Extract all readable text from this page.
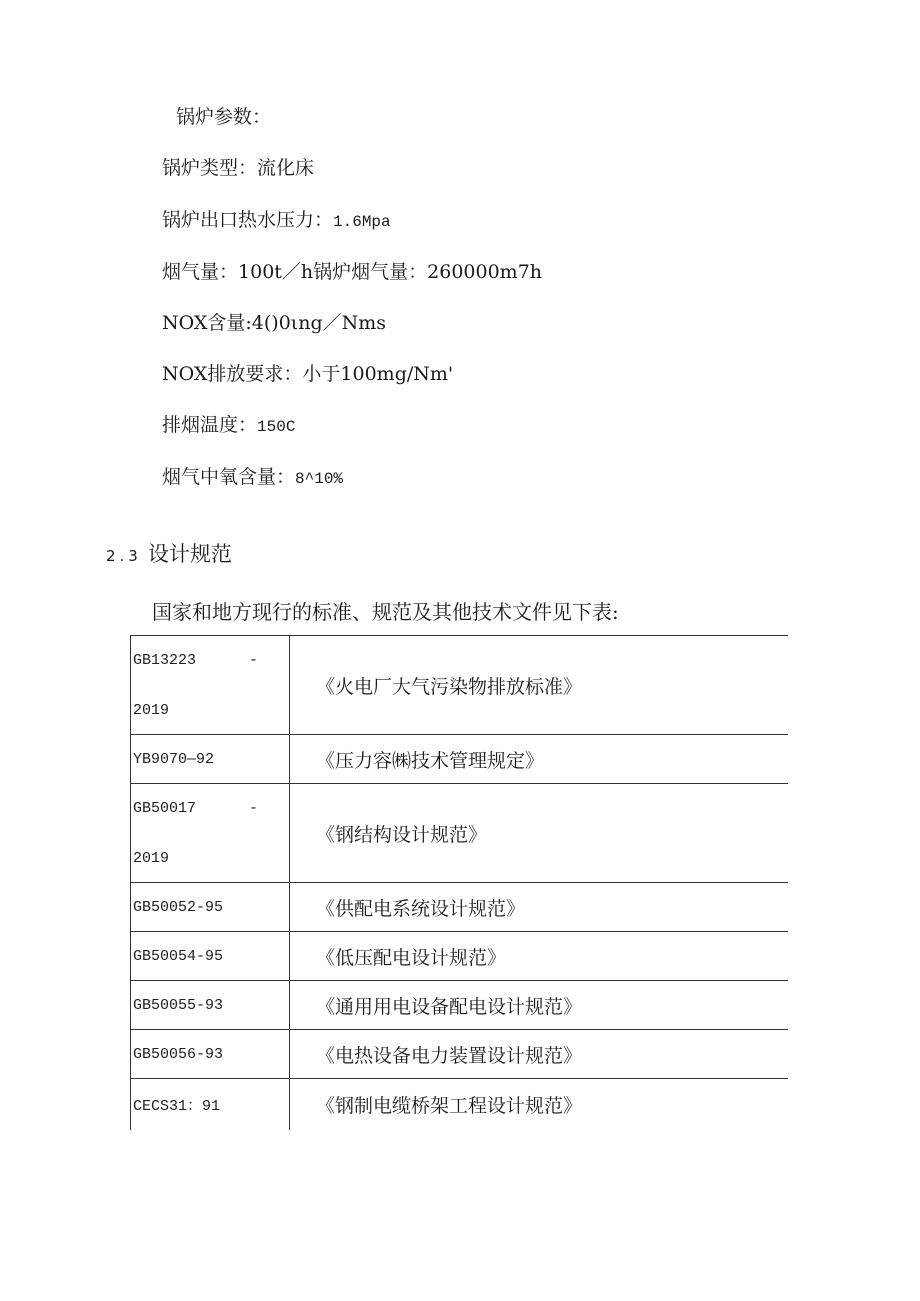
锅炉参数：
锅炉类型：流化床
锅炉出口热水压力：1.6Mpa
烟气量：100t／h锅炉烟气量：260000m7h
NOX含量:4()0ιng／Nms
NOX排放要求：小于100mg/Nm'
排烟温度：150C
烟气中氧含量：8^10%
2.3 设计规范
国家和地方现行的标准、规范及其他技术文件见下表:
GB13223 -
2019	《火电厂大气污染物排放标准》

YB9070—92	《压力容㈱技术管理规定》

GB50017 -
2019	《钢结构设计规范》

GB50052-95	《供配电系统设计规范》

GB50054-95	《低压配电设计规范》

GB50055-93	《通用用电设备配电设计规范》

GB50056-93	《电热设备电力装置设计规范》

CECS31：91	《钢制电缆桥架工程设计规范》
